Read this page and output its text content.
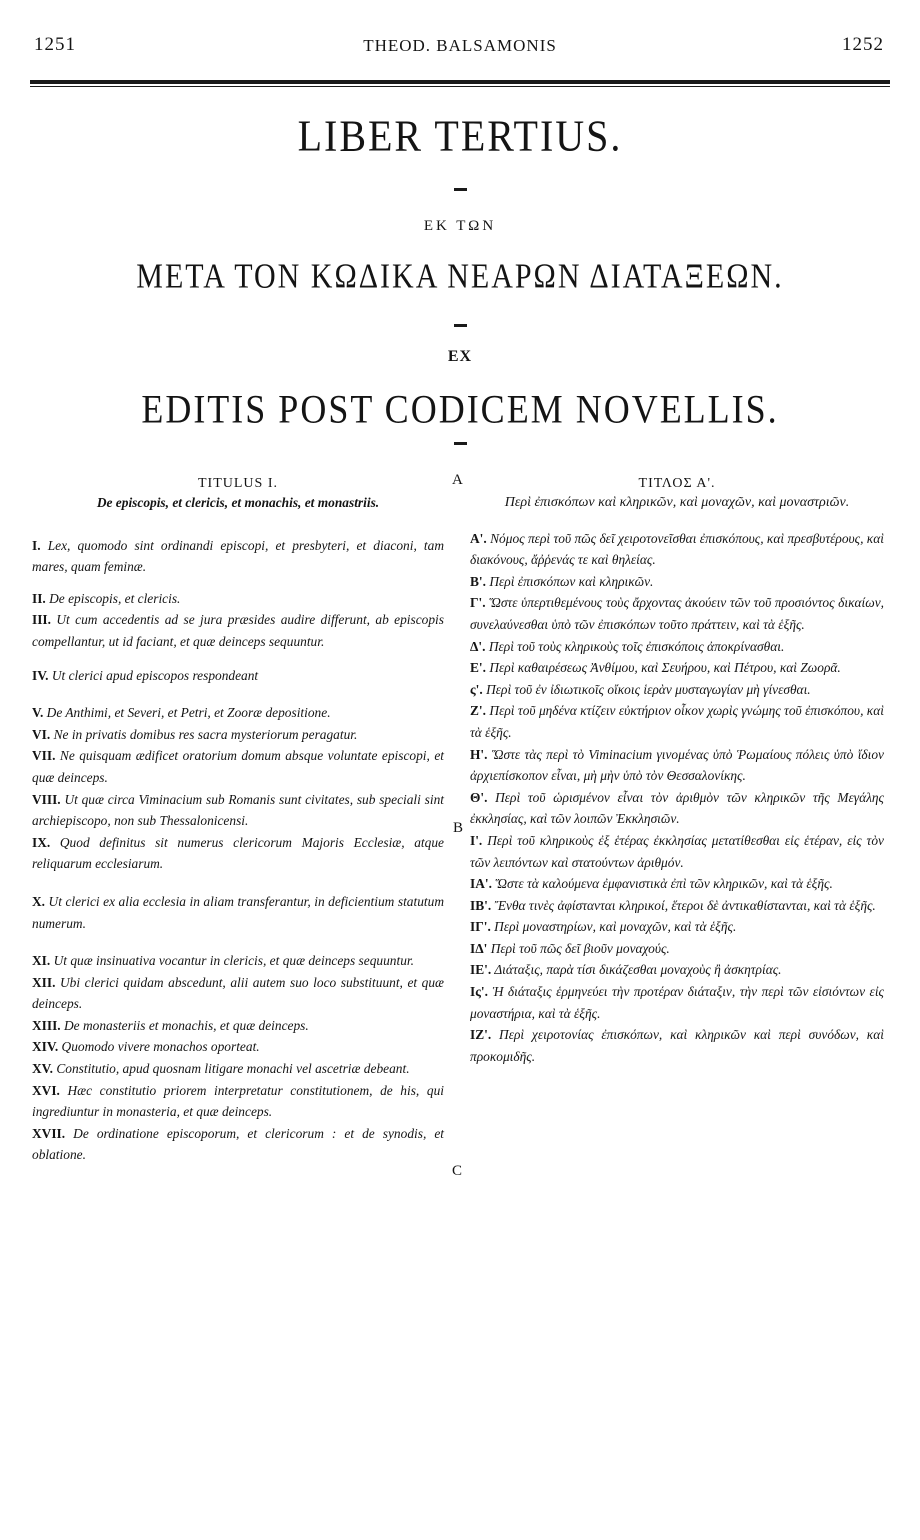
1251	THEOD. BALSAMONIS	1252
LIBER TERTIUS.
ΕΚ ΤΩΝ
ΜΕΤΑ ΤΟΝ ΚΩΔΙΚΑ ΝΕΑΡΩΝ ΔΙΑΤΑΞΕΩΝ.
EX
EDITIS POST CODICEM NOVELLIS.
A
B
C
TITULUS I.
De episcopis, et clericis, et monachis, et monastriis.

I. Lex, quomodo sint ordinandi episcopi, et presbyteri, et diaconi, tam mares, quam feminæ.

II. De episcopis, et clericis.

III. Ut cum accedentis ad se jura præsides audire differunt, ab episcopis compellantur, ut id faciant, et quæ deinceps sequuntur.

IV. Ut clerici apud episcopos respondeant

V. De Anthimi, et Severi, et Petri, et Zooræ depositione.

VI. Ne in privatis domibus res sacra mysteriorum peragatur.

VII. Ne quisquam ædificet oratorium domum absque voluntate episcopi, et quæ deinceps.

VIII. Ut quæ circa Viminacium sub Romanis sunt civitates, sub speciali sint archiepiscopo, non sub Thessalonicensi.

IX. Quod definitus sit numerus clericorum Majoris Ecclesiæ, atque reliquarum ecclesiarum.

X. Ut clerici ex alia ecclesia in aliam transferantur, in deficientium statutum numerum.

XI. Ut quæ insinuativa vocantur in clericis, et quæ deinceps sequuntur.

XII. Ubi clerici quidam abscedunt, alii autem suo loco substituunt, et quæ deinceps.

XIII. De monasteriis et monachis, et quæ deinceps.

XIV. Quomodo vivere monachos oporteat.

XV. Constitutio, apud quosnam litigare monachi vel ascetriæ debeant.

XVI. Hæc constitutio priorem interpretatur constitutionem, de his, qui ingrediuntur in monasteria, et quæ deinceps.

XVII. De ordinatione episcoporum, et clericorum : et de synodis, et oblatione.

ΤΙΤΛΟΣ Α'.
Περὶ ἐπισκόπων καὶ κληρικῶν, καὶ μοναχῶν, καὶ μοναστριῶν.

Α'. Νόμος περὶ τοῦ πῶς δεῖ χειροτονεῖσθαι ἐπισκόπους, καὶ πρεσβυτέρους, καὶ διακόνους, ἄῤῥενάς τε καὶ θηλείας.

Β'. Περὶ ἐπισκόπων καὶ κληρικῶν.

Γ'. Ὥστε ὑπερτιθεμένους τοὺς ἄρχοντας ἀκούειν τῶν τοῦ προσιόντος δικαίων, συνελαύνεσθαι ὑπὸ τῶν ἐπισκόπων τοῦτο πράττειν, καὶ τὰ ἑξῆς.

Δ'. Περὶ τοῦ τοὺς κληρικοὺς τοῖς ἐπισκόποις ἀποκρίνασθαι.

Ε'. Περὶ καθαιρέσεως Ἀνθίμου, καὶ Σευήρου, καὶ Πέτρου, καὶ Ζωορᾶ.

ς'. Περὶ τοῦ ἐν ἰδιωτικοῖς οἴκοις ἱερὰν μυσταγωγίαν μὴ γίνεσθαι.

Ζ'. Περὶ τοῦ μηδένα κτίζειν εὐκτήριον οἶκον χωρὶς γνώμης τοῦ ἐπισκόπου, καὶ τὰ ἑξῆς.

Η'. Ὥστε τὰς περὶ τὸ Viminacium γινομένας ὑπὸ Ῥωμαίους πόλεις ὑπὸ ἴδιον ἀρχιεπίσκοπον εἶναι, μὴ μὴν ὑπὸ τὸν Θεσσαλονίκης.

Θ'. Περὶ τοῦ ὡρισμένον εἶναι τὸν ἀριθμὸν τῶν κληρικῶν τῆς Μεγάλης ἐκκλησίας, καὶ τῶν λοιπῶν Ἐκκλησιῶν.

Ι'. Περὶ τοῦ κληρικοὺς ἐξ ἑτέρας ἐκκλησίας μετατίθεσθαι εἰς ἑτέραν, εἰς τὸν τῶν λειπόντων καὶ στατούντων ἀριθμόν.

ΙΑ'. Ὥστε τὰ καλούμενα ἐμφανιστικὰ ἐπὶ τῶν κληρικῶν, καὶ τὰ ἑξῆς.

ΙΒ'. Ἔνθα τινὲς ἀφίστανται κληρικοί, ἕτεροι δὲ ἀντικαθίστανται, καὶ τὰ ἑξῆς.

ΙΓ'. Περὶ μοναστηρίων, καὶ μοναχῶν, καὶ τὰ ἑξῆς.

ΙΔ' Περὶ τοῦ πῶς δεῖ βιοῦν μοναχούς.

ΙΕ'. Διάταξις, παρὰ τίσι δικάζεσθαι μοναχοὺς ἢ ἀσκητρίας.

Ις'. Ἡ διάταξις ἑρμηνεύει τὴν προτέραν διάταξιν, τὴν περὶ τῶν εἰσιόντων εἰς μοναστήρια, καὶ τὰ ἑξῆς.

ΙΖ'. Περὶ χειροτονίας ἐπισκόπων, καὶ κληρικῶν καὶ περὶ συνόδων, καὶ προκομιδῆς.
